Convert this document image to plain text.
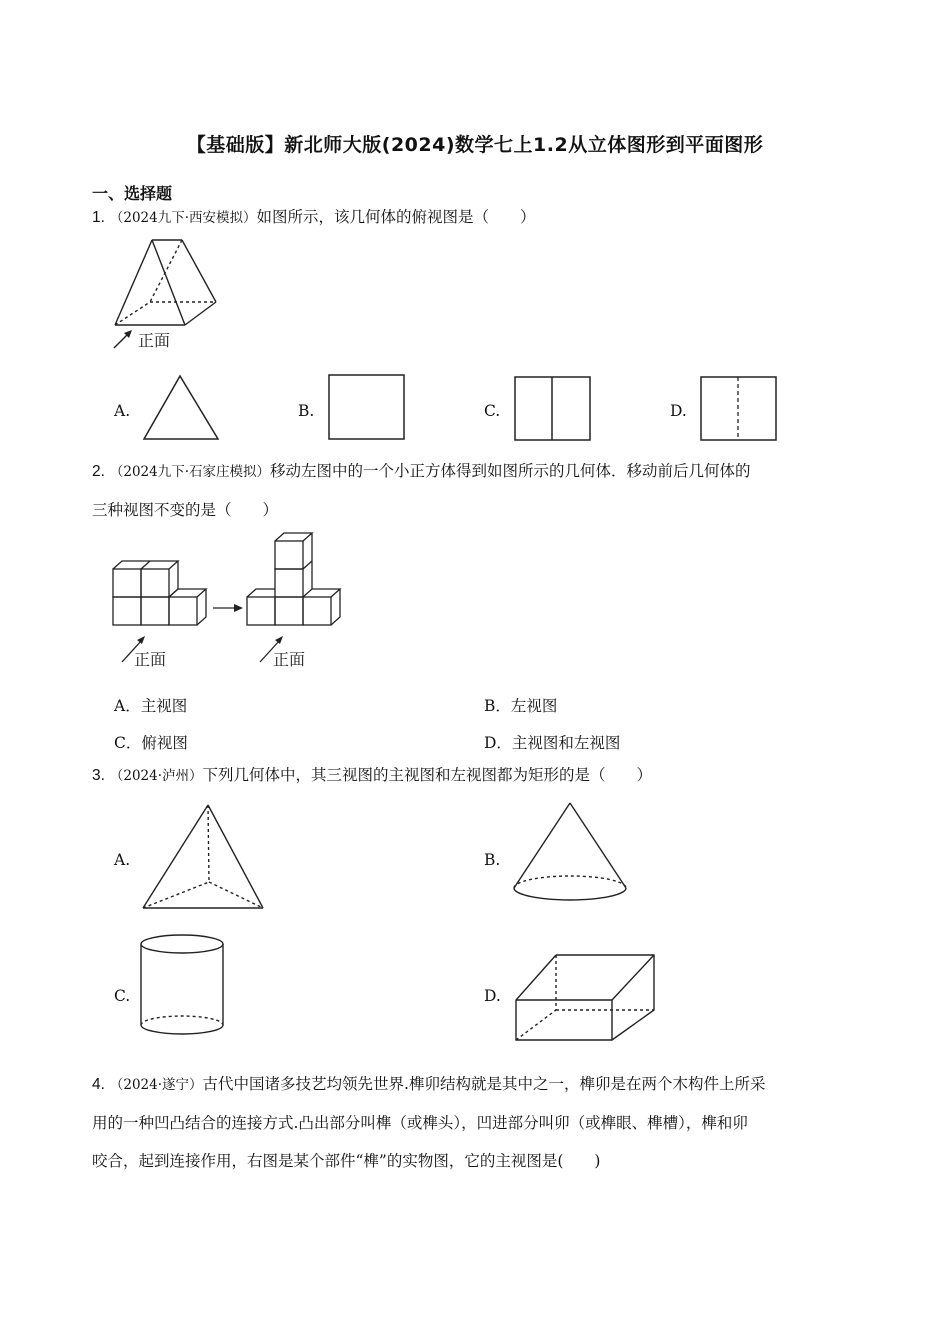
【基础版】新北师大版(2024)数学七上1.2从立体图形到平面图形
一、选择题
1. （2024九下·西安模拟）如图所示，该几何体的俯视图是（　　）
正面
A.	B.	C.	D.
2. （2024九下·石家庄模拟）移动左图中的一个小正方体得到如图所示的几何体．移动前后几何体的
三种视图不变的是（　　）
正面	正面
A．主视图	B．左视图
C．俯视图	D．主视图和左视图
3. （2024·泸州）下列几何体中，其三视图的主视图和左视图都为矩形的是（　　）
A.	B.
C.	D.
4. （2024·遂宁）古代中国诸多技艺均领先世界.榫卯结构就是其中之一，榫卯是在两个木构件上所采
用的一种凹凸结合的连接方式.凸出部分叫榫（或榫头），凹进部分叫卯（或榫眼、榫槽），榫和卯
咬合，起到连接作用，右图是某个部件“榫”的实物图，它的主视图是(　　)
